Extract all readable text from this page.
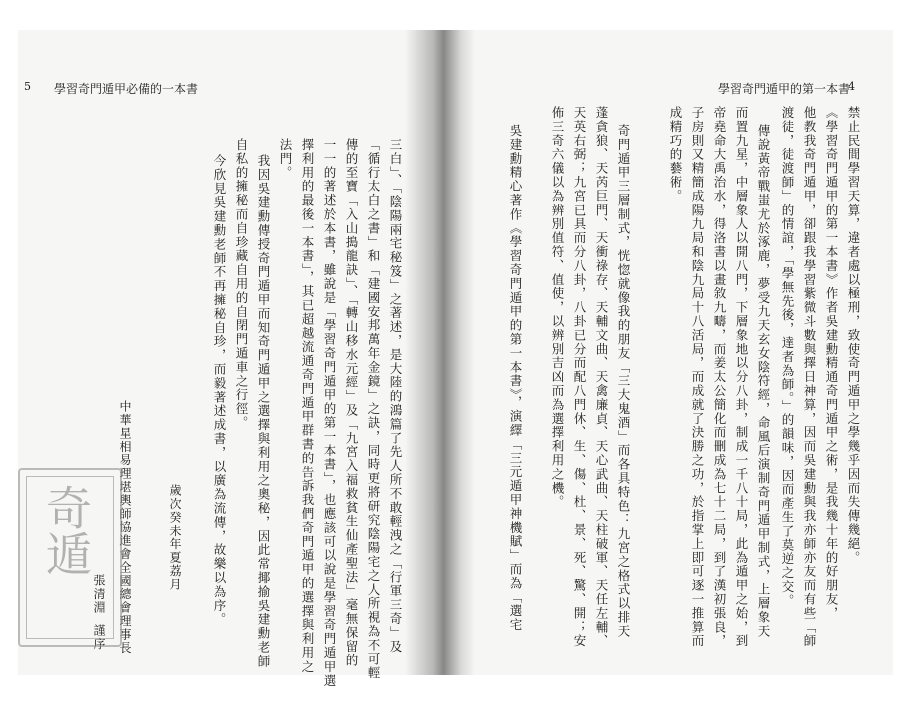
5 學習奇門遁甲必備的一本書	學習奇門遁甲的第一本書
4
三白」、「陰陽兩宅秘笈」之著述，是大陸的鴻篇了先人所不敢輕洩之「行軍三奇」及
「循行太白之書」和「建國安邦萬年金鏡」之訣，同時更將研究陰陽宅之人所視為不可輕
傳的至寶「入山搗龍訣」、「轉山移水元經」及「九宮入福救貧生仙產聖法」毫無保留的
一一的著述於本書，雖說是「學習奇門遁甲的第一本書」，也應該可以說是學習奇門遁甲選
擇利用的最後一本書」，其已超越流通奇門遁甲群書的告訴我們奇門遁甲的選擇與利用之
法門。
我因吳建勳傳授奇門遁甲而知奇門遁甲之選擇與利用之奧秘，因此常揶揄吳建勳老師
自私的擁秘而自珍藏自用的自閉門遁車之行徑。
今欣見吳建勳老師不再擁秘自珍，而毅著述成書，以廣為流傳，故樂以為序。
歲次癸未年夏荔月
中華星相易理堪輿師協進會全國總會理事長
張清淵
謹序
奇遁	禁止民間學習天算，違者處以極刑，致使奇門遁甲之學幾乎因而失傳幾絕。
《學習奇門遁甲的第一本書》作者吳建勳精通奇門遁甲之術，是我幾十年的好朋友，
他教我奇門遁甲，卻跟我學習紫微斗數與擇日神算，因而吳建勳與我亦師亦友而有些「師
渡徒，徒渡師」的情誼，「學無先後，達者為師。」的韻味，因而產生了莫逆之交。
傳說黃帝戰蚩尤於涿鹿，夢受九天玄女陰符經，命風后演制奇門遁甲制式，上層象天
而置九星，中層象人以開八門，下層象地以分八卦，制成一千八十局，此為遁甲之始，到
帝堯命大禹治水，得洛書以畫敘九疇，而姜太公簡化而刪成為七十二局，到了漢初張良，
子房則又精簡成陽九局和陰九局十八活局，而成就了決勝之功，於指掌上即可逐一推算而
成精巧的藝術。
奇門遁甲三層制式，恍惚就像我的朋友「三大鬼酒」而各具特色：九宮之格式以排天
蓬貪狼、天芮巨門、天衝祿存、天輔文曲、天禽廉貞、天心武曲、天柱破軍、天任左輔、
天英右弼；九宮已具而分八卦，八卦已分而配八門休、生、傷、杜、景、死、驚、開；安
佈三奇六儀以為辨別值符、值使，以辨別吉凶而為選擇利用之機。
吳建勳精心著作《學習奇門遁甲的第一本書》，演繹「三元遁甲神機賦」而為「選宅
